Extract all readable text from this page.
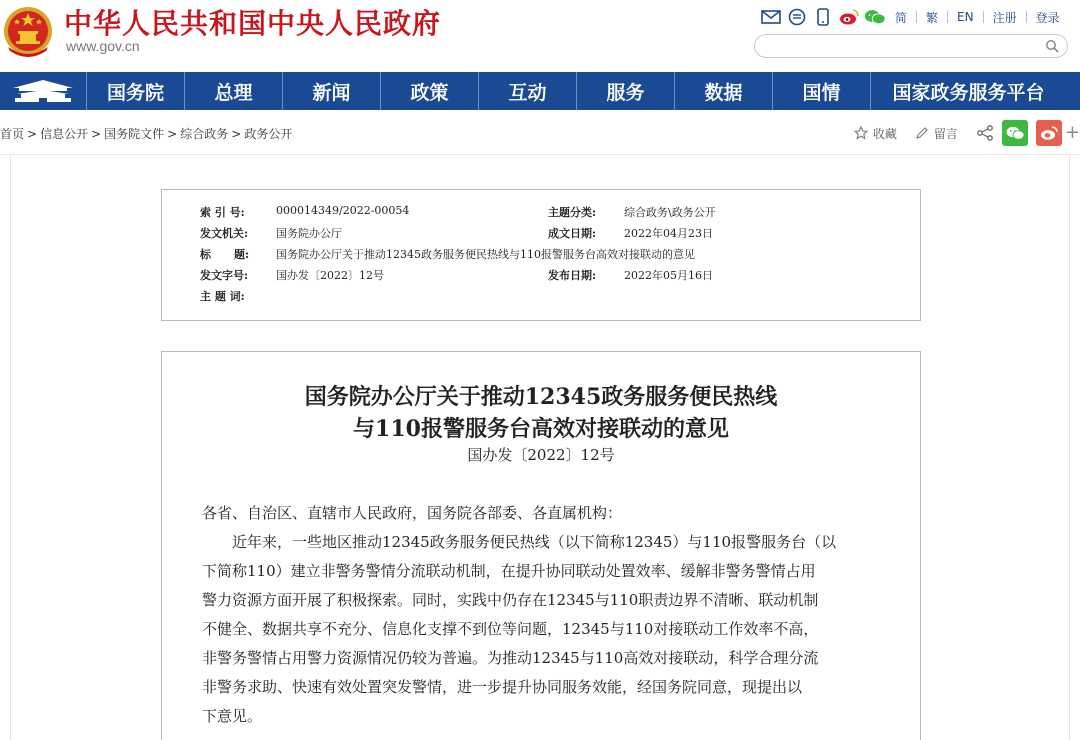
中华人民共和国中央人民政府
www.gov.cn
简	繁	EN	注册	登录
国务院	总理	新闻	政策	互动	服务	数据	国情	国家政务服务平台
首页 > 信息公开 > 国务院文件 > 综合政务 > 政务公开	收藏	留言	+
索 引 号:	000014349/2022-00054	主题分类:	综合政务\政务公开
发文机关:	国务院办公厅	成文日期:	2022年04月23日
标      题: 国务院办公厅关于推动12345政务服务便民热线与110报警服务台高效对接联动的意见
发文字号:	国办发〔2022〕12号	发布日期:	2022年05月16日
主 题 词:
国务院办公厅关于推动12345政务服务便民热线
与110报警服务台高效对接联动的意见
国办发〔2022〕12号
各省、自治区、直辖市人民政府，国务院各部委、各直属机构：
　　近年来，一些地区推动12345政务服务便民热线（以下简称12345）与110报警服务台（以
下简称110）建立非警务警情分流联动机制，在提升协同联动处置效率、缓解非警务警情占用
警力资源方面开展了积极探索。同时，实践中仍存在12345与110职责边界不清晰、联动机制
不健全、数据共享不充分、信息化支撑不到位等问题，12345与110对接联动工作效率不高，
非警务警情占用警力资源情况仍较为普遍。为推动12345与110高效对接联动，科学合理分流
非警务求助、快速有效处置突发警情，进一步提升协同服务效能，经国务院同意，现提出以
下意见。
